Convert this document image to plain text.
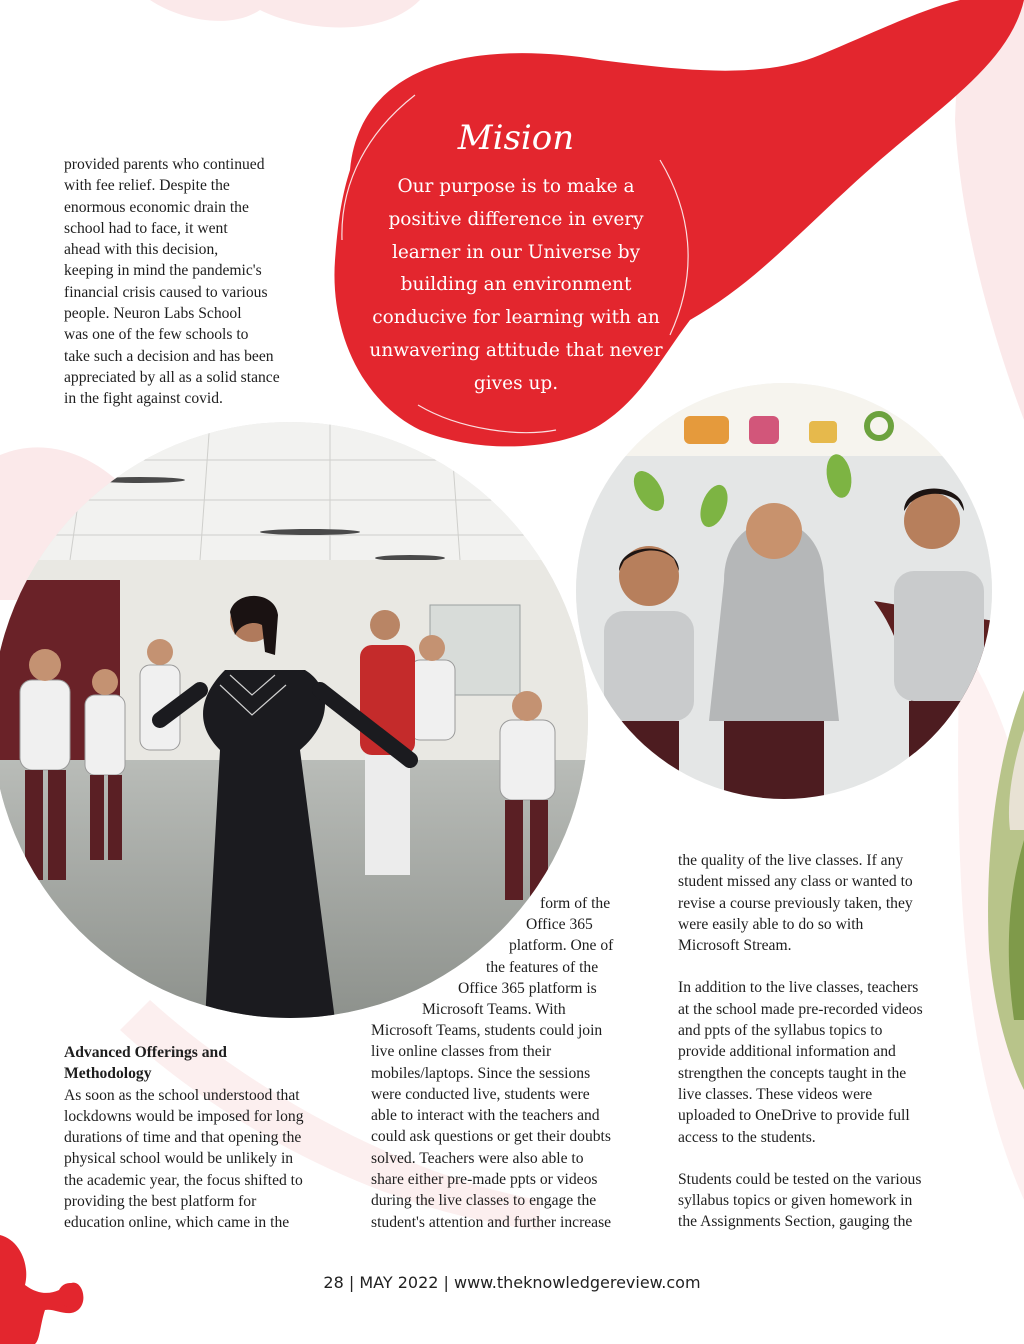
Mision
Our purpose is to make a positive difference in every learner in our Universe by building an environment conducive for learning with an unwavering attitude that never gives up.
provided parents who continued
with fee relief. Despite the
enormous economic drain the
school had to face, it went
ahead with this decision,
keeping in mind the pandemic's
financial crisis caused to various
people. Neuron Labs School
was one of the few schools to
take such a decision and has been
appreciated by all as a solid stance
in the fight against covid.
Advanced Offerings and
Methodology
As soon as the school understood that
lockdowns would be imposed for long
durations of time and that opening the
physical school would be unlikely in
the academic year, the focus shifted to
providing the best platform for
education online, which came in the
form of the
Office 365
platform. One of
the features of the
Office 365 platform is
Microsoft Teams. With
Microsoft Teams, students could join
live online classes from their
mobiles/laptops. Since the sessions
were conducted live, students were
able to interact with the teachers and
could ask questions or get their doubts
solved. Teachers were also able to
share either pre-made ppts or videos
during the live classes to engage the
student's attention and further increase
the quality of the live classes. If any
student missed any class or wanted to
revise a course previously taken, they
were easily able to do so with
Microsoft Stream.
In addition to the live classes, teachers
at the school made pre-recorded videos
and ppts of the syllabus topics to
provide additional information and
strengthen the concepts taught in the
live classes. These videos were
uploaded to OneDrive to provide full
access to the students.
Students could be tested on the various
syllabus topics or given homework in
the Assignments Section, gauging the
28 | MAY 2022 | www.theknowledgereview.com
